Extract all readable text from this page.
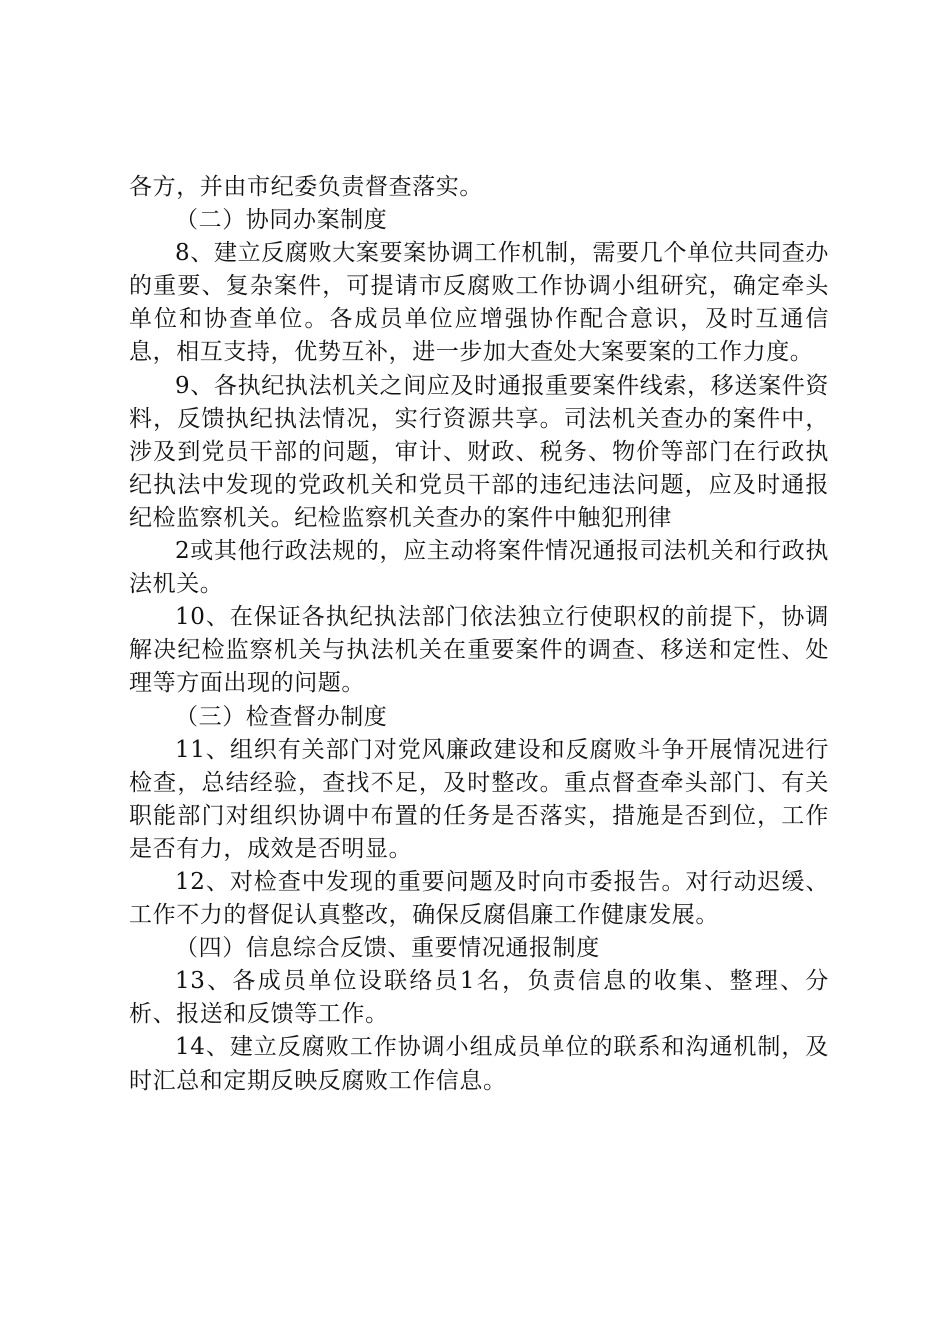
各方，并由市纪委负责督查落实。

（二）协同办案制度

8、建立反腐败大案要案协调工作机制，需要几个单位共同查办的重要、复杂案件，可提请市反腐败工作协调小组研究，确定牵头单位和协查单位。各成员单位应增强协作配合意识，及时互通信息，相互支持，优势互补，进一步加大查处大案要案的工作力度。

9、各执纪执法机关之间应及时通报重要案件线索，移送案件资料，反馈执纪执法情况，实行资源共享。司法机关查办的案件中，涉及到党员干部的问题，审计、财政、税务、物价等部门在行政执纪执法中发现的党政机关和党员干部的违纪违法问题，应及时通报纪检监察机关。纪检监察机关查办的案件中触犯刑律

2或其他行政法规的，应主动将案件情况通报司法机关和行政执法机关。

10、在保证各执纪执法部门依法独立行使职权的前提下，协调解决纪检监察机关与执法机关在重要案件的调查、移送和定性、处理等方面出现的问题。

（三）检查督办制度

11、组织有关部门对党风廉政建设和反腐败斗争开展情况进行检查，总结经验，查找不足，及时整改。重点督查牵头部门、有关职能部门对组织协调中布置的任务是否落实，措施是否到位，工作是否有力，成效是否明显。

12、对检查中发现的重要问题及时向市委报告。对行动迟缓、工作不力的督促认真整改，确保反腐倡廉工作健康发展。

（四）信息综合反馈、重要情况通报制度

13、各成员单位设联络员1名，负责信息的收集、整理、分析、报送和反馈等工作。

14、建立反腐败工作协调小组成员单位的联系和沟通机制，及时汇总和定期反映反腐败工作信息。
